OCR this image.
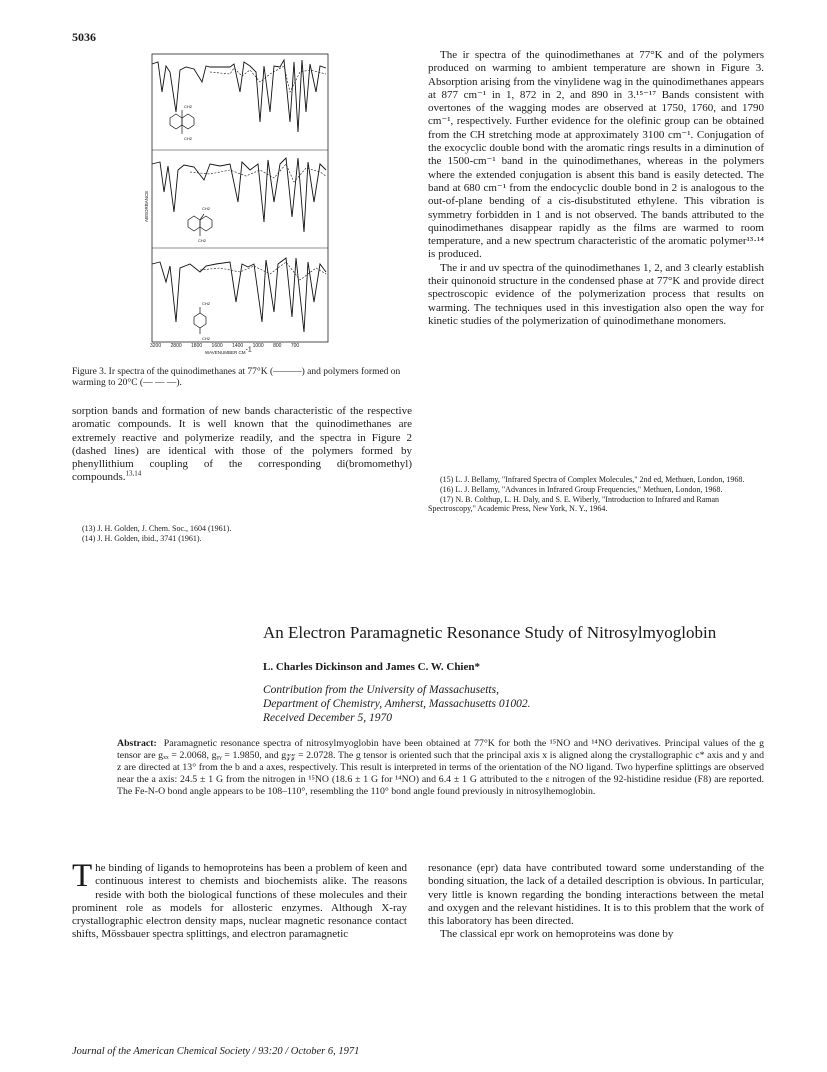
5036
CH2
CH2
CH2
CH2
CH2
CH2
ABSORBANCE
3200 2800 1800 1600 1400 1000 800 700
WAVENUMBER $CM^{-1}$
Figure 3. Ir spectra of the quinodimethanes at 77°K (———) and polymers formed on warming to 20°C (— — —).
sorption bands and formation of new bands characteristic of the respective aromatic compounds. It is well known that the quinodimethanes are extremely reactive and polymerize readily, and the spectra in Figure 2 (dashed lines) are identical with those of the polymers formed by phenyllithium coupling of the corresponding di(bromomethyl) compounds.$^{13,14}$
(13) J. H. Golden, J. Chem. Soc., 1604 (1961).
(14) J. H. Golden, ibid., 3741 (1961).
The ir spectra of the quinodimethanes at 77°K and of the polymers produced on warming to ambient temperature are shown in Figure 3. Absorption arising from the vinylidene wag in the quinodimethanes appears at 877 cm⁻¹ in 1, 872 in 2, and 890 in 3.¹⁵⁻¹⁷ Bands consistent with overtones of the wagging modes are observed at 1750, 1760, and 1790 cm⁻¹, respectively. Further evidence for the olefinic group can be obtained from the CH stretching mode at approximately 3100 cm⁻¹. Conjugation of the exocyclic double bond with the aromatic rings results in a diminution of the 1500-cm⁻¹ band in the quinodimethanes, whereas in the polymers where the extended conjugation is absent this band is easily detected. The band at 680 cm⁻¹ from the endocyclic double bond in 2 is analogous to the out-of-plane bending of a cis-disubstituted ethylene. This vibration is symmetry forbidden in 1 and is not observed. The bands attributed to the quinodimethanes disappear rapidly as the films are warmed to room temperature, and a new spectrum characteristic of the aromatic polymer¹³·¹⁴ is produced.
The ir and uv spectra of the quinodimethanes 1, 2, and 3 clearly establish their quinonoid structure in the condensed phase at 77°K and provide direct spectroscopic evidence of the polymerization process that results on warming. The techniques used in this investigation also open the way for kinetic studies of the polymerization of quinodimethane monomers.
(15) L. J. Bellamy, "Infrared Spectra of Complex Molecules," 2nd ed, Methuen, London, 1968.
(16) L. J. Bellamy, "Advances in Infrared Group Frequencies," Methuen, London, 1968.
(17) N. B. Colthup, L. H. Daly, and S. E. Wiberly, "Introduction to Infrared and Raman Spectroscopy," Academic Press, New York, N. Y., 1964.
An Electron Paramagnetic Resonance Study of Nitrosylmyoglobin
L. Charles Dickinson and James C. W. Chien*
Contribution from the University of Massachusetts,
Department of Chemistry, Amherst, Massachusetts 01002.
Received December 5, 1970
Abstract: Paramagnetic resonance spectra of nitrosylmyoglobin have been obtained at 77°K for both the ¹⁵NO and ¹⁴NO derivatives. Principal values of the g tensor are gₓₓ = 2.0068, gᵧᵧ = 1.9850, and g𝓏𝓏 = 2.0728. The g tensor is oriented such that the principal axis x is aligned along the crystallographic c* axis and y and z are directed at 13° from the b and a axes, respectively. This result is interpreted in terms of the orientation of the NO ligand. Two hyperfine splittings are observed near the a axis: 24.5 ± 1 G from the nitrogen in ¹⁵NO (18.6 ± 1 G for ¹⁴NO) and 6.4 ± 1 G attributed to the ε nitrogen of the 92-histidine residue (F8) are reported. The Fe-N-O bond angle appears to be 108–110°, resembling the 110° bond angle found previously in nitrosylhemoglobin.
The binding of ligands to hemoproteins has been a problem of keen and continuous interest to chemists and biochemists alike. The reasons reside with both the biological functions of these molecules and their prominent role as models for allosteric enzymes. Although X-ray crystallographic electron density maps, nuclear magnetic resonance contact shifts, Mössbauer spectra splittings, and electron paramagnetic
resonance (epr) data have contributed toward some understanding of the bonding situation, the lack of a detailed description is obvious. In particular, very little is known regarding the bonding interactions between the metal and oxygen and the relevant histidines. It is to this problem that the work of this laboratory has been directed.
The classical epr work on hemoproteins was done by
Journal of the American Chemical Society / 93:20 / October 6, 1971
